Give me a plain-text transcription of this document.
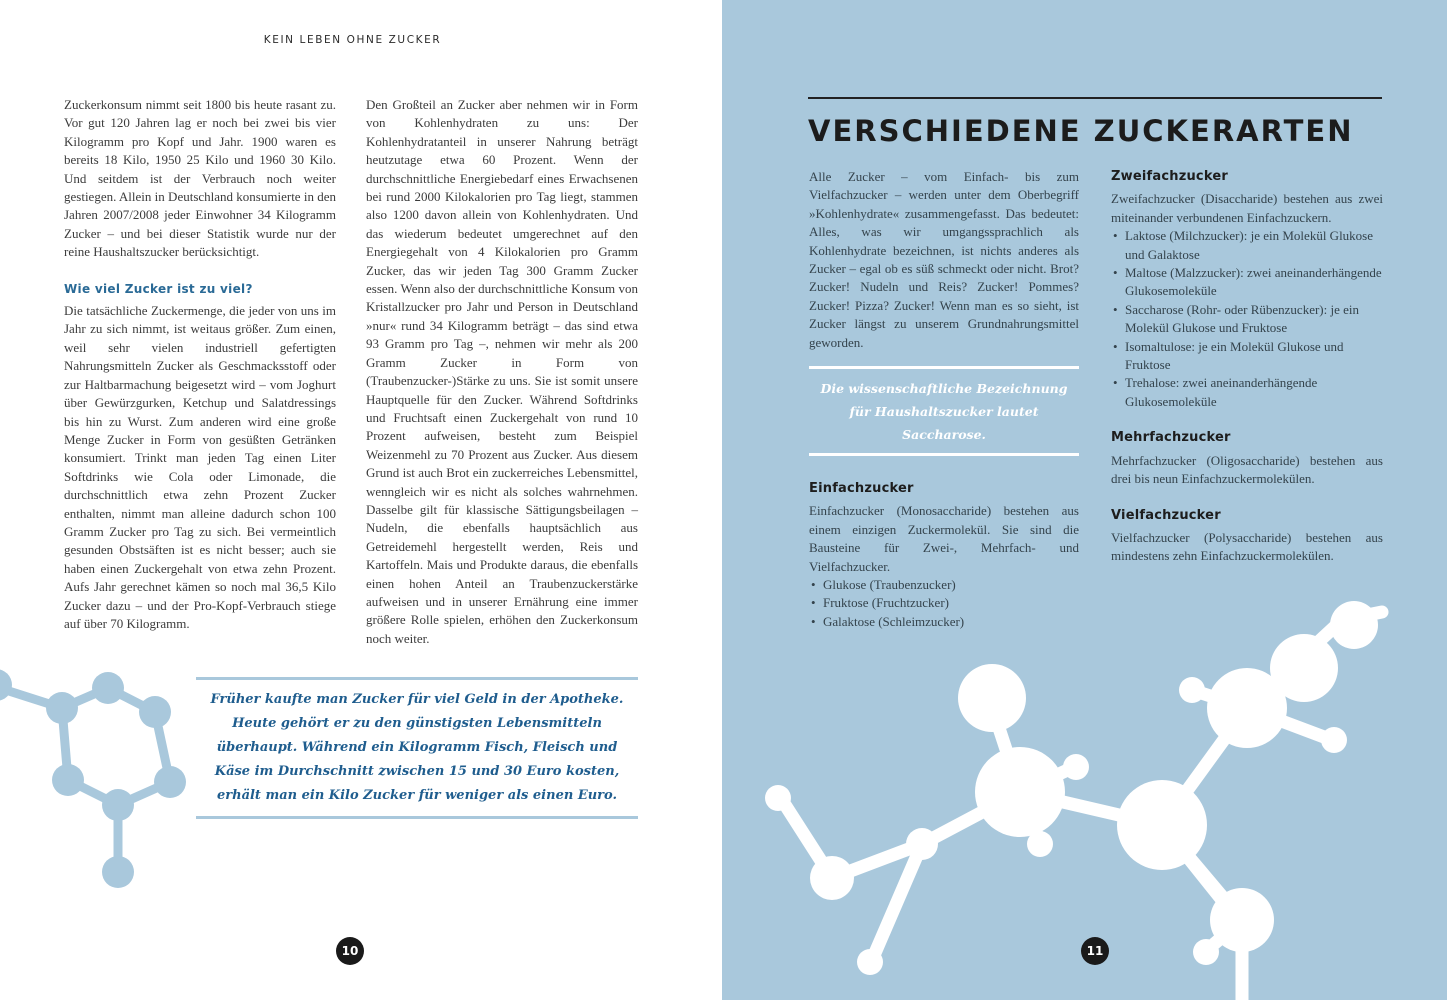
KEIN LEBEN OHNE ZUCKER

Zuckerkonsum nimmt seit 1800 bis heute rasant zu. Vor gut 120 Jahren lag er noch bei zwei bis vier Kilogramm pro Kopf und Jahr. 1900 waren es bereits 18 Kilo, 1950 25 Kilo und 1960 30 Kilo. Und seitdem ist der Verbrauch noch weiter gestiegen. Allein in Deutschland konsumierte in den Jahren 2007/2008 jeder Einwohner 34 Kilogramm Zucker – und bei dieser Statistik wurde nur der reine Haushaltszucker berücksichtigt.

Wie viel Zucker ist zu viel?

Die tatsächliche Zuckermenge, die jeder von uns im Jahr zu sich nimmt, ist weitaus größer. Zum einen, weil sehr vielen industriell gefertigten Nahrungsmitteln Zucker als Geschmacksstoff oder zur Haltbarmachung beigesetzt wird – vom Joghurt über Gewürzgurken, Ketchup und Salatdressings bis hin zu Wurst. Zum anderen wird eine große Menge Zucker in Form von gesüßten Getränken konsumiert. Trinkt man jeden Tag einen Liter Softdrinks wie Cola oder Limonade, die durchschnittlich etwa zehn Prozent Zucker enthalten, nimmt man alleine dadurch schon 100 Gramm Zucker pro Tag zu sich. Bei vermeintlich gesunden Obstsäften ist es nicht besser; auch sie haben einen Zuckergehalt von etwa zehn Prozent. Aufs Jahr gerechnet kämen so noch mal 36,5 Kilo Zucker dazu – und der Pro-Kopf-Verbrauch stiege auf über 70 Kilogramm.

Den Großteil an Zucker aber nehmen wir in Form von Kohlenhydraten zu uns: Der Kohlenhydratanteil in unserer Nahrung beträgt heutzutage etwa 60 Prozent. Wenn der durchschnittliche Energiebedarf eines Erwachsenen bei rund 2000 Kilokalorien pro Tag liegt, stammen also 1200 davon allein von Kohlenhydraten. Und das wiederum bedeutet umgerechnet auf den Energiegehalt von 4 Kilokalorien pro Gramm Zucker, das wir jeden Tag 300 Gramm Zucker essen. Wenn also der durchschnittliche Konsum von Kristallzucker pro Jahr und Person in Deutschland »nur« rund 34 Kilogramm beträgt – das sind etwa 93 Gramm pro Tag –, nehmen wir mehr als 200 Gramm Zucker in Form von (Traubenzucker-)Stärke zu uns. Sie ist somit unsere Hauptquelle für den Zucker. Während Softdrinks und Fruchtsaft einen Zuckergehalt von rund 10 Prozent aufweisen, besteht zum Beispiel Weizenmehl zu 70 Prozent aus Zucker. Aus diesem Grund ist auch Brot ein zuckerreiches Lebensmittel, wenngleich wir es nicht als solches wahrnehmen. Dasselbe gilt für klassische Sättigungsbeilagen – Nudeln, die ebenfalls hauptsächlich aus Getreidemehl hergestellt werden, Reis und Kartoffeln. Mais und Produkte daraus, die ebenfalls einen hohen Anteil an Traubenzuckerstärke aufweisen und in unserer Ernährung eine immer größere Rolle spielen, erhöhen den Zuckerkonsum noch weiter.

Früher kaufte man Zucker für viel Geld in der Apotheke. Heute gehört er zu den günstigsten Lebensmitteln überhaupt. Während ein Kilogramm Fisch, Fleisch und Käse im Durchschnitt zwischen 15 und 30 Euro kosten, erhält man ein Kilo Zucker für weniger als einen Euro.
10
VERSCHIEDENE ZUCKERARTEN

Alle Zucker – vom Einfach- bis zum Vielfachzucker – werden unter dem Oberbegriff »Kohlenhydrate« zusammengefasst. Das bedeutet: Alles, was wir umgangssprachlich als Kohlenhydrate bezeichnen, ist nichts anderes als Zucker – egal ob es süß schmeckt oder nicht. Brot? Zucker! Nudeln und Reis? Zucker! Pommes? Zucker! Pizza? Zucker! Wenn man es so sieht, ist Zucker längst zu unserem Grundnahrungsmittel geworden.

Die wissenschaftliche Bezeichnung für Haushaltszucker lautet Saccharose.
Einfachzucker

Einfachzucker (Monosaccharide) bestehen aus einem einzigen Zuckermolekül. Sie sind die Bausteine für Zwei-, Mehrfach- und Vielfachzucker.

• Glukose (Traubenzucker)
• Fruktose (Fruchtzucker)
• Galaktose (Schleimzucker)
Zweifachzucker

Zweifachzucker (Disaccharide) bestehen aus zwei miteinander verbundenen Einfachzuckern.

• Laktose (Milchzucker): je ein Molekül Glukose und Galaktose
• Maltose (Malzzucker): zwei aneinanderhängende Glukosemoleküle
• Saccharose (Rohr- oder Rübenzucker): je ein Molekül Glukose und Fruktose
• Isomaltulose: je ein Molekül Glukose und Fruktose
• Trehalose: zwei aneinanderhängende Glukosemoleküle
Mehrfachzucker

Mehrfachzucker (Oligosaccharide) bestehen aus drei bis neun Einfachzuckermolekülen.

Vielfachzucker

Vielfachzucker (Polysaccharide) bestehen aus mindestens zehn Einfachzuckermolekülen.

11
